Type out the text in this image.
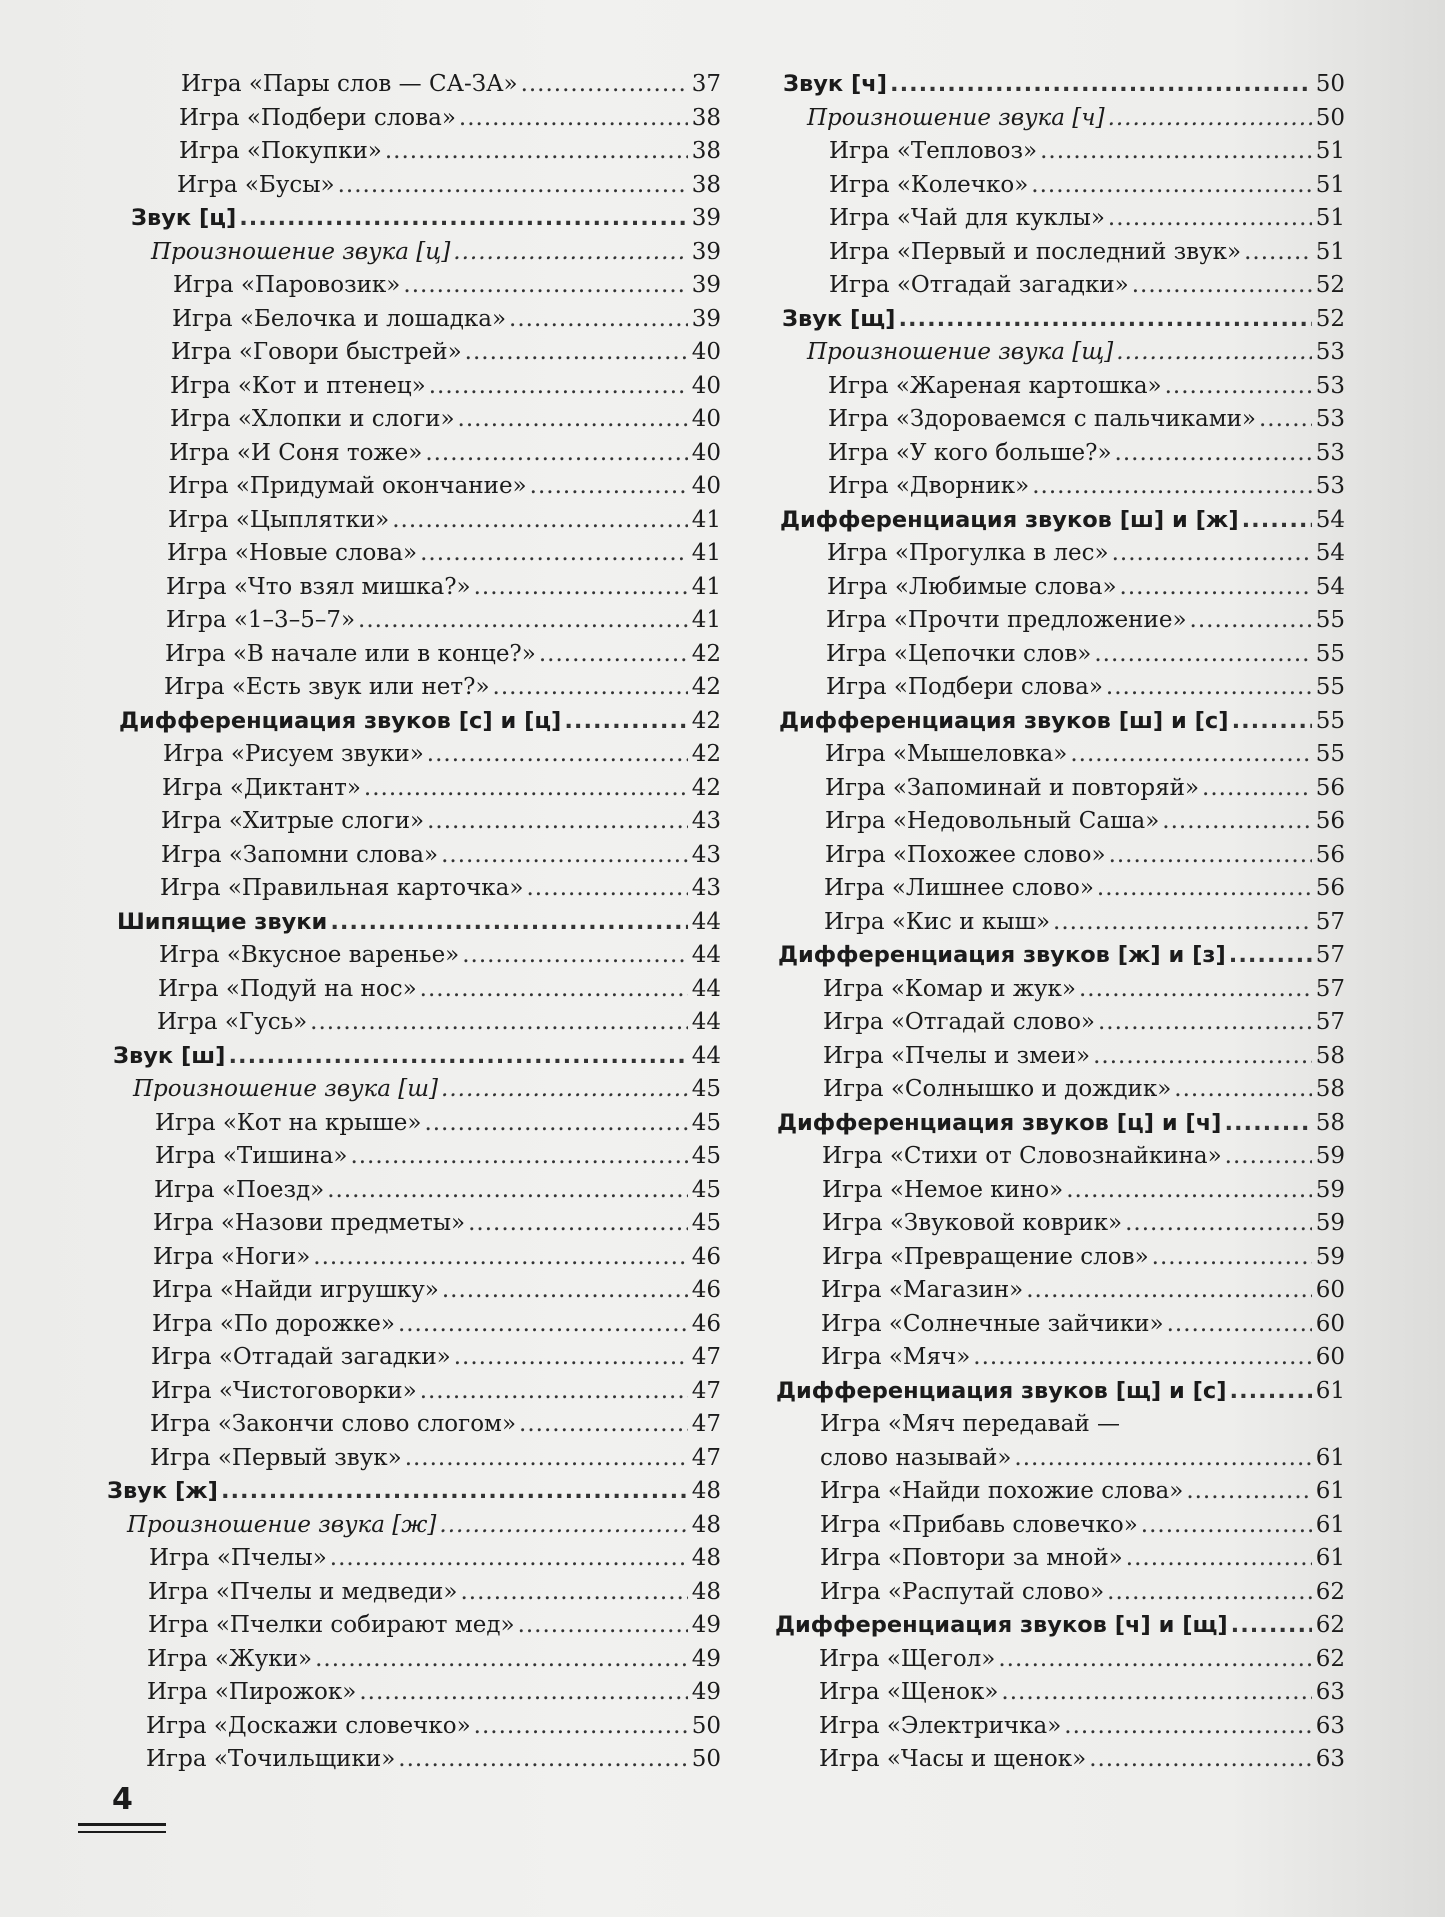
Игра «Пары слов — СА-ЗА» .....	37
Игра «Подбери слова» .....	38
Игра «Покупки» .....	38
Игра «Бусы» .....	38
Звук [ц] .....	39
Произношение звука [ц] .....	39
Игра «Паровозик» .....	39
Игра «Белочка и лошадка» .....	39
Игра «Говори быстрей» .....	40
Игра «Кот и птенец» .....	40
Игра «Хлопки и слоги» .....	40
Игра «И Соня тоже» .....	40
Игра «Придумай окончание» .....	40
Игра «Цыплятки» .....	41
Игра «Новые слова» .....	41
Игра «Что взял мишка?» .....	41
Игра «1–3–5–7» .....	41
Игра «В начале или в конце?» .....	42
Игра «Есть звук или нет?» .....	42
Дифференциация звуков [с] и [ц] .....	42
Игра «Рисуем звуки» .....	42
Игра «Диктант» .....	42
Игра «Хитрые слоги» .....	43
Игра «Запомни слова» .....	43
Игра «Правильная карточка» .....	43
Шипящие звуки .....	44
Игра «Вкусное варенье» .....	44
Игра «Подуй на нос» .....	44
Игра «Гусь» .....	44
Звук [ш] .....	44
Произношение звука [ш] .....	45
Игра «Кот на крыше» .....	45
Игра «Тишина» .....	45
Игра «Поезд» .....	45
Игра «Назови предметы» .....	45
Игра «Ноги» .....	46
Игра «Найди игрушку» .....	46
Игра «По дорожке» .....	46
Игра «Отгадай загадки» .....	47
Игра «Чистоговорки» .....	47
Игра «Закончи слово слогом» .....	47
Игра «Первый звук» .....	47
Звук [ж] .....	48
Произношение звука [ж] .....	48
Игра «Пчелы» .....	48
Игра «Пчелы и медведи» .....	48
Игра «Пчелки собирают мед» .....	49
Игра «Жуки» .....	49
Игра «Пирожок» .....	49
Игра «Доскажи словечко» .....	50
Игра «Точильщики» .....	50
Звук [ч] .....	50
Произношение звука [ч] .....	50
Игра «Тепловоз» .....	51
Игра «Колечко» .....	51
Игра «Чай для куклы» .....	51
Игра «Первый и последний звук» .....	51
Игра «Отгадай загадки» .....	52
Звук [щ] .....	52
Произношение звука [щ] .....	53
Игра «Жареная картошка» .....	53
Игра «Здороваемся с пальчиками» .....	53
Игра «У кого больше?» .....	53
Игра «Дворник» .....	53
Дифференциация звуков [ш] и [ж] .....	54
Игра «Прогулка в лес» .....	54
Игра «Любимые слова» .....	54
Игра «Прочти предложение» .....	55
Игра «Цепочки слов» .....	55
Игра «Подбери слова» .....	55
Дифференциация звуков [ш] и [с] .....	55
Игра «Мышеловка» .....	55
Игра «Запоминай и повторяй» .....	56
Игра «Недовольный Саша» .....	56
Игра «Похожее слово» .....	56
Игра «Лишнее слово» .....	56
Игра «Кис и кыш» .....	57
Дифференциация звуков [ж] и [з] .....	57
Игра «Комар и жук» .....	57
Игра «Отгадай слово» .....	57
Игра «Пчелы и змеи» .....	58
Игра «Солнышко и дождик» .....	58
Дифференциация звуков [ц] и [ч] .....	58
Игра «Стихи от Словознайкина» .....	59
Игра «Немое кино» .....	59
Игра «Звуковой коврик» .....	59
Игра «Превращение слов» .....	59
Игра «Магазин» .....	60
Игра «Солнечные зайчики» .....	60
Игра «Мяч» .....	60
Дифференциация звуков [щ] и [с] .....	61
Игра «Мяч передавай —
слово называй» .....	61
Игра «Найди похожие слова» .....	61
Игра «Прибавь словечко» .....	61
Игра «Повтори за мной» .....	61
Игра «Распутай слово» .....	62
Дифференциация звуков [ч] и [щ] .....	62
Игра «Щегол» .....	62
Игра «Щенок» .....	63
Игра «Электричка» .....	63
Игра «Часы и щенок» .....	63
4
